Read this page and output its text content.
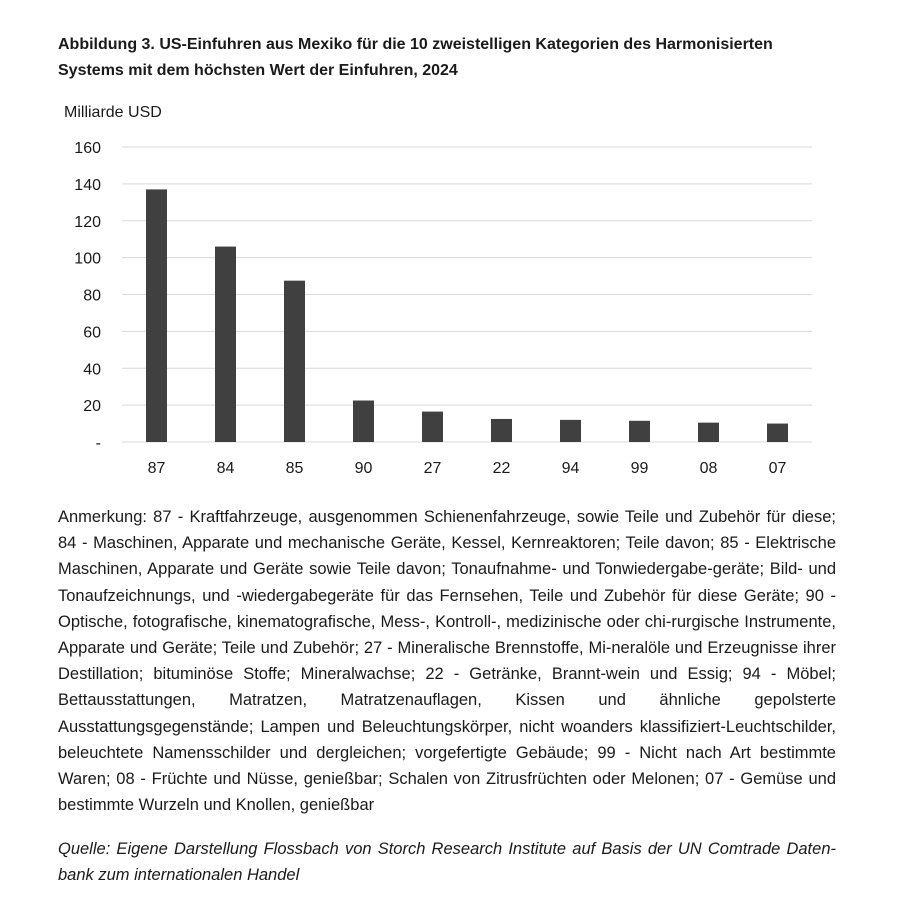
Abbildung 3. US-Einfuhren aus Mexiko für die 10 zweistelligen Kategorien des Harmonisierten
Systems mit dem höchsten Wert der Einfuhren, 2024
Milliarde USD
-
20
40
60
80
100
120
140
160
87	84	85	90	27	22	94	99	08	07

Anmerkung: 87 - Kraftfahrzeuge, ausgenommen Schienenfahrzeuge, sowie Teile und Zubehör für diese; 84 - Maschinen, Apparate und mechanische Geräte, Kessel, Kernreaktoren; Teile davon; 85 - Elektrische Maschinen, Apparate und Geräte sowie Teile davon; Tonaufnahme- und Tonwiedergabe-geräte; Bild- und Tonaufzeichnungs, und -wiedergabegeräte für das Fernsehen, Teile und Zubehör für diese Geräte; 90 - Optische, fotografische, kinematografische, Mess-, Kontroll-, medizinische oder chi-rurgische Instrumente, Apparate und Geräte; Teile und Zubehör; 27 - Mineralische Brennstoffe, Mi-neralöle und Erzeugnisse ihrer Destillation; bituminöse Stoffe; Mineralwachse; 22 - Getränke, Brannt-wein und Essig; 94 - Möbel; Bettausstattungen, Matratzen, Matratzenauflagen, Kissen und ähnliche gepolsterte Ausstattungsgegenstände; Lampen und Beleuchtungskörper, nicht woanders klassifiziert-Leuchtschilder, beleuchtete Namensschilder und dergleichen; vorgefertigte Gebäude; 99 - Nicht nach Art bestimmte Waren; 08 - Früchte und Nüsse, genießbar; Schalen von Zitrusfrüchten oder Melonen; 07 - Gemüse und bestimmte Wurzeln und Knollen, genießbar

Quelle: Eigene Darstellung Flossbach von Storch Research Institute auf Basis der UN Comtrade Daten-bank zum internationalen Handel
